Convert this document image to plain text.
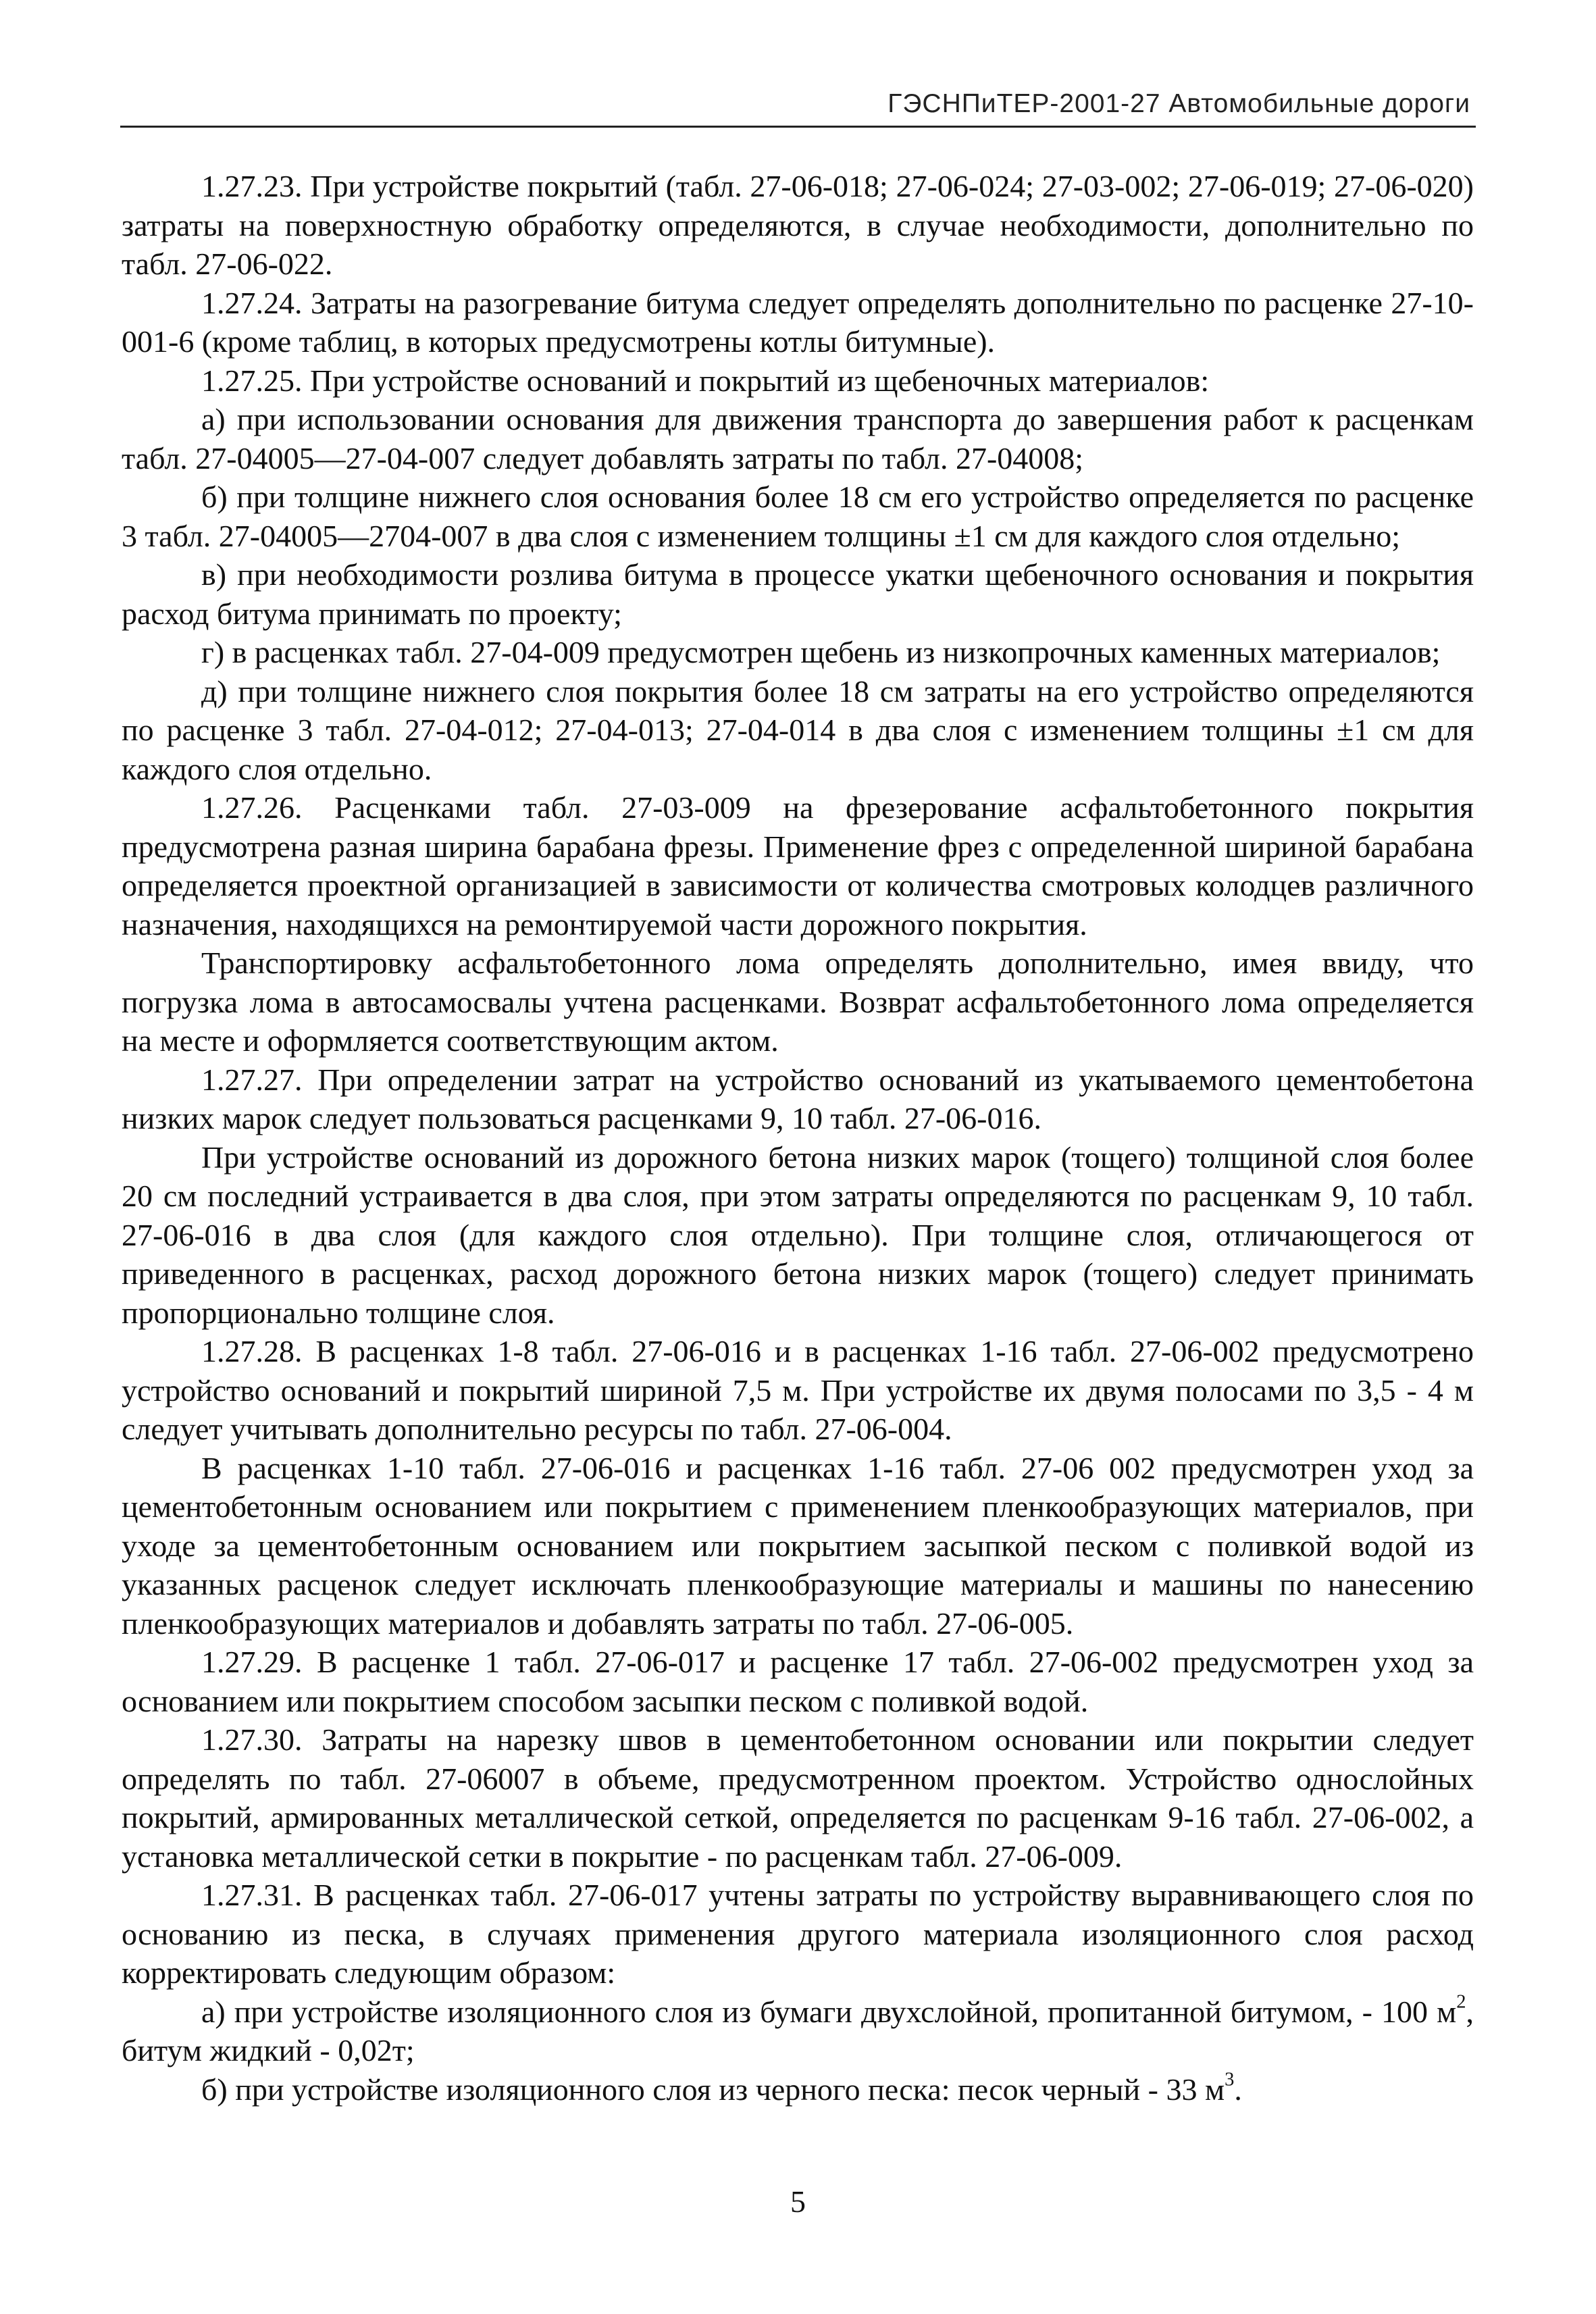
ГЭСНПиТЕР-2001-27 Автомобильные дороги

1.27.23. При устройстве покрытий (табл. 27-06-018; 27-06-024; 27-03-002; 27-06-019; 27-06-020) затраты на поверхностную обработку определяются, в случае необходимости, дополнительно по табл. 27-06-022.

1.27.24. Затраты на разогревание битума следует определять дополнительно по расценке 27-10-001-6 (кроме таблиц, в которых предусмотрены котлы битумные).

1.27.25. При устройстве оснований и покрытий из щебеночных материалов:

а) при использовании основания для движения транспорта до завершения работ к расценкам табл. 27-04005—27-04-007 следует добавлять затраты по табл. 27-04008;

б) при толщине нижнего слоя основания более 18 см его устройство определяется по расценке 3 табл. 27-04005—2704-007 в два слоя с изменением толщины ±1 см для каждого слоя отдельно;

в) при необходимости розлива битума в процессе укатки щебеночного основания и покрытия расход битума принимать по проекту;

г) в расценках табл. 27-04-009 предусмотрен щебень из низкопрочных каменных материалов;

д) при толщине нижнего слоя покрытия более 18 см затраты на его устройство определяются по расценке 3 табл. 27-04-012; 27-04-013; 27-04-014 в два слоя с изменением толщины ±1 см для каждого слоя отдельно.

1.27.26. Расценками табл. 27-03-009 на фрезерование асфальтобетонного покрытия предусмотрена разная ширина барабана фрезы. Применение фрез с определенной шириной барабана определяется проектной организацией в зависимости от количества смотровых колодцев различного назначения, находящихся на ремонтируемой части дорожного покрытия.

Транспортировку асфальтобетонного лома определять дополнительно, имея ввиду, что погрузка лома в автосамосвалы учтена расценками. Возврат асфальтобетонного лома определяется на месте и оформляется соответствующим актом.

1.27.27. При определении затрат на устройство оснований из укатываемого цементобетона низких марок следует пользоваться расценками 9, 10 табл. 27-06-016.

При устройстве оснований из дорожного бетона низких марок (тощего) толщиной слоя более 20 см последний устраивается в два слоя, при этом затраты определяются по расценкам 9, 10 табл. 27-06-016 в два слоя (для каждого слоя отдельно). При толщине слоя, отличающегося от приведенного в расценках, расход дорожного бетона низких марок (тощего) следует принимать пропорционально толщине слоя.

1.27.28. В расценках 1-8 табл. 27-06-016 и в расценках 1-16 табл. 27-06-002 предусмотрено устройство оснований и покрытий шириной 7,5 м. При устройстве их двумя полосами по 3,5 - 4 м следует учитывать дополнительно ресурсы по табл. 27-06-004.

В расценках 1-10 табл. 27-06-016 и расценках 1-16 табл. 27-06 002 предусмотрен уход за цементобетонным основанием или покрытием с применением пленкообразующих материалов, при уходе за цементобетонным основанием или покрытием засыпкой песком с поливкой водой из указанных расценок следует исключать пленкообразующие материалы и машины по нанесению пленкообразующих материалов и добавлять затраты по табл. 27-06-005.

1.27.29. В расценке 1 табл. 27-06-017 и расценке 17 табл. 27-06-002 предусмотрен уход за основанием или покрытием способом засыпки песком с поливкой водой.

1.27.30. Затраты на нарезку швов в цементобетонном основании или покрытии следует определять по табл. 27-06007 в объеме, предусмотренном проектом. Устройство однослойных покрытий, армированных металлической сеткой, определяется по расценкам 9-16 табл. 27-06-002, а установка металлической сетки в покрытие - по расценкам табл. 27-06-009.

1.27.31. В расценках табл. 27-06-017 учтены затраты по устройству выравнивающего слоя по основанию из песка, в случаях применения другого материала изоляционного слоя расход корректировать следующим образом:

а) при устройстве изоляционного слоя из бумаги двухслойной, пропитанной битумом, - 100 $м^2$, битум жидкий - 0,02т;

б) при устройстве изоляционного слоя из черного песка: песок черный - 33 $м^3$.

5
